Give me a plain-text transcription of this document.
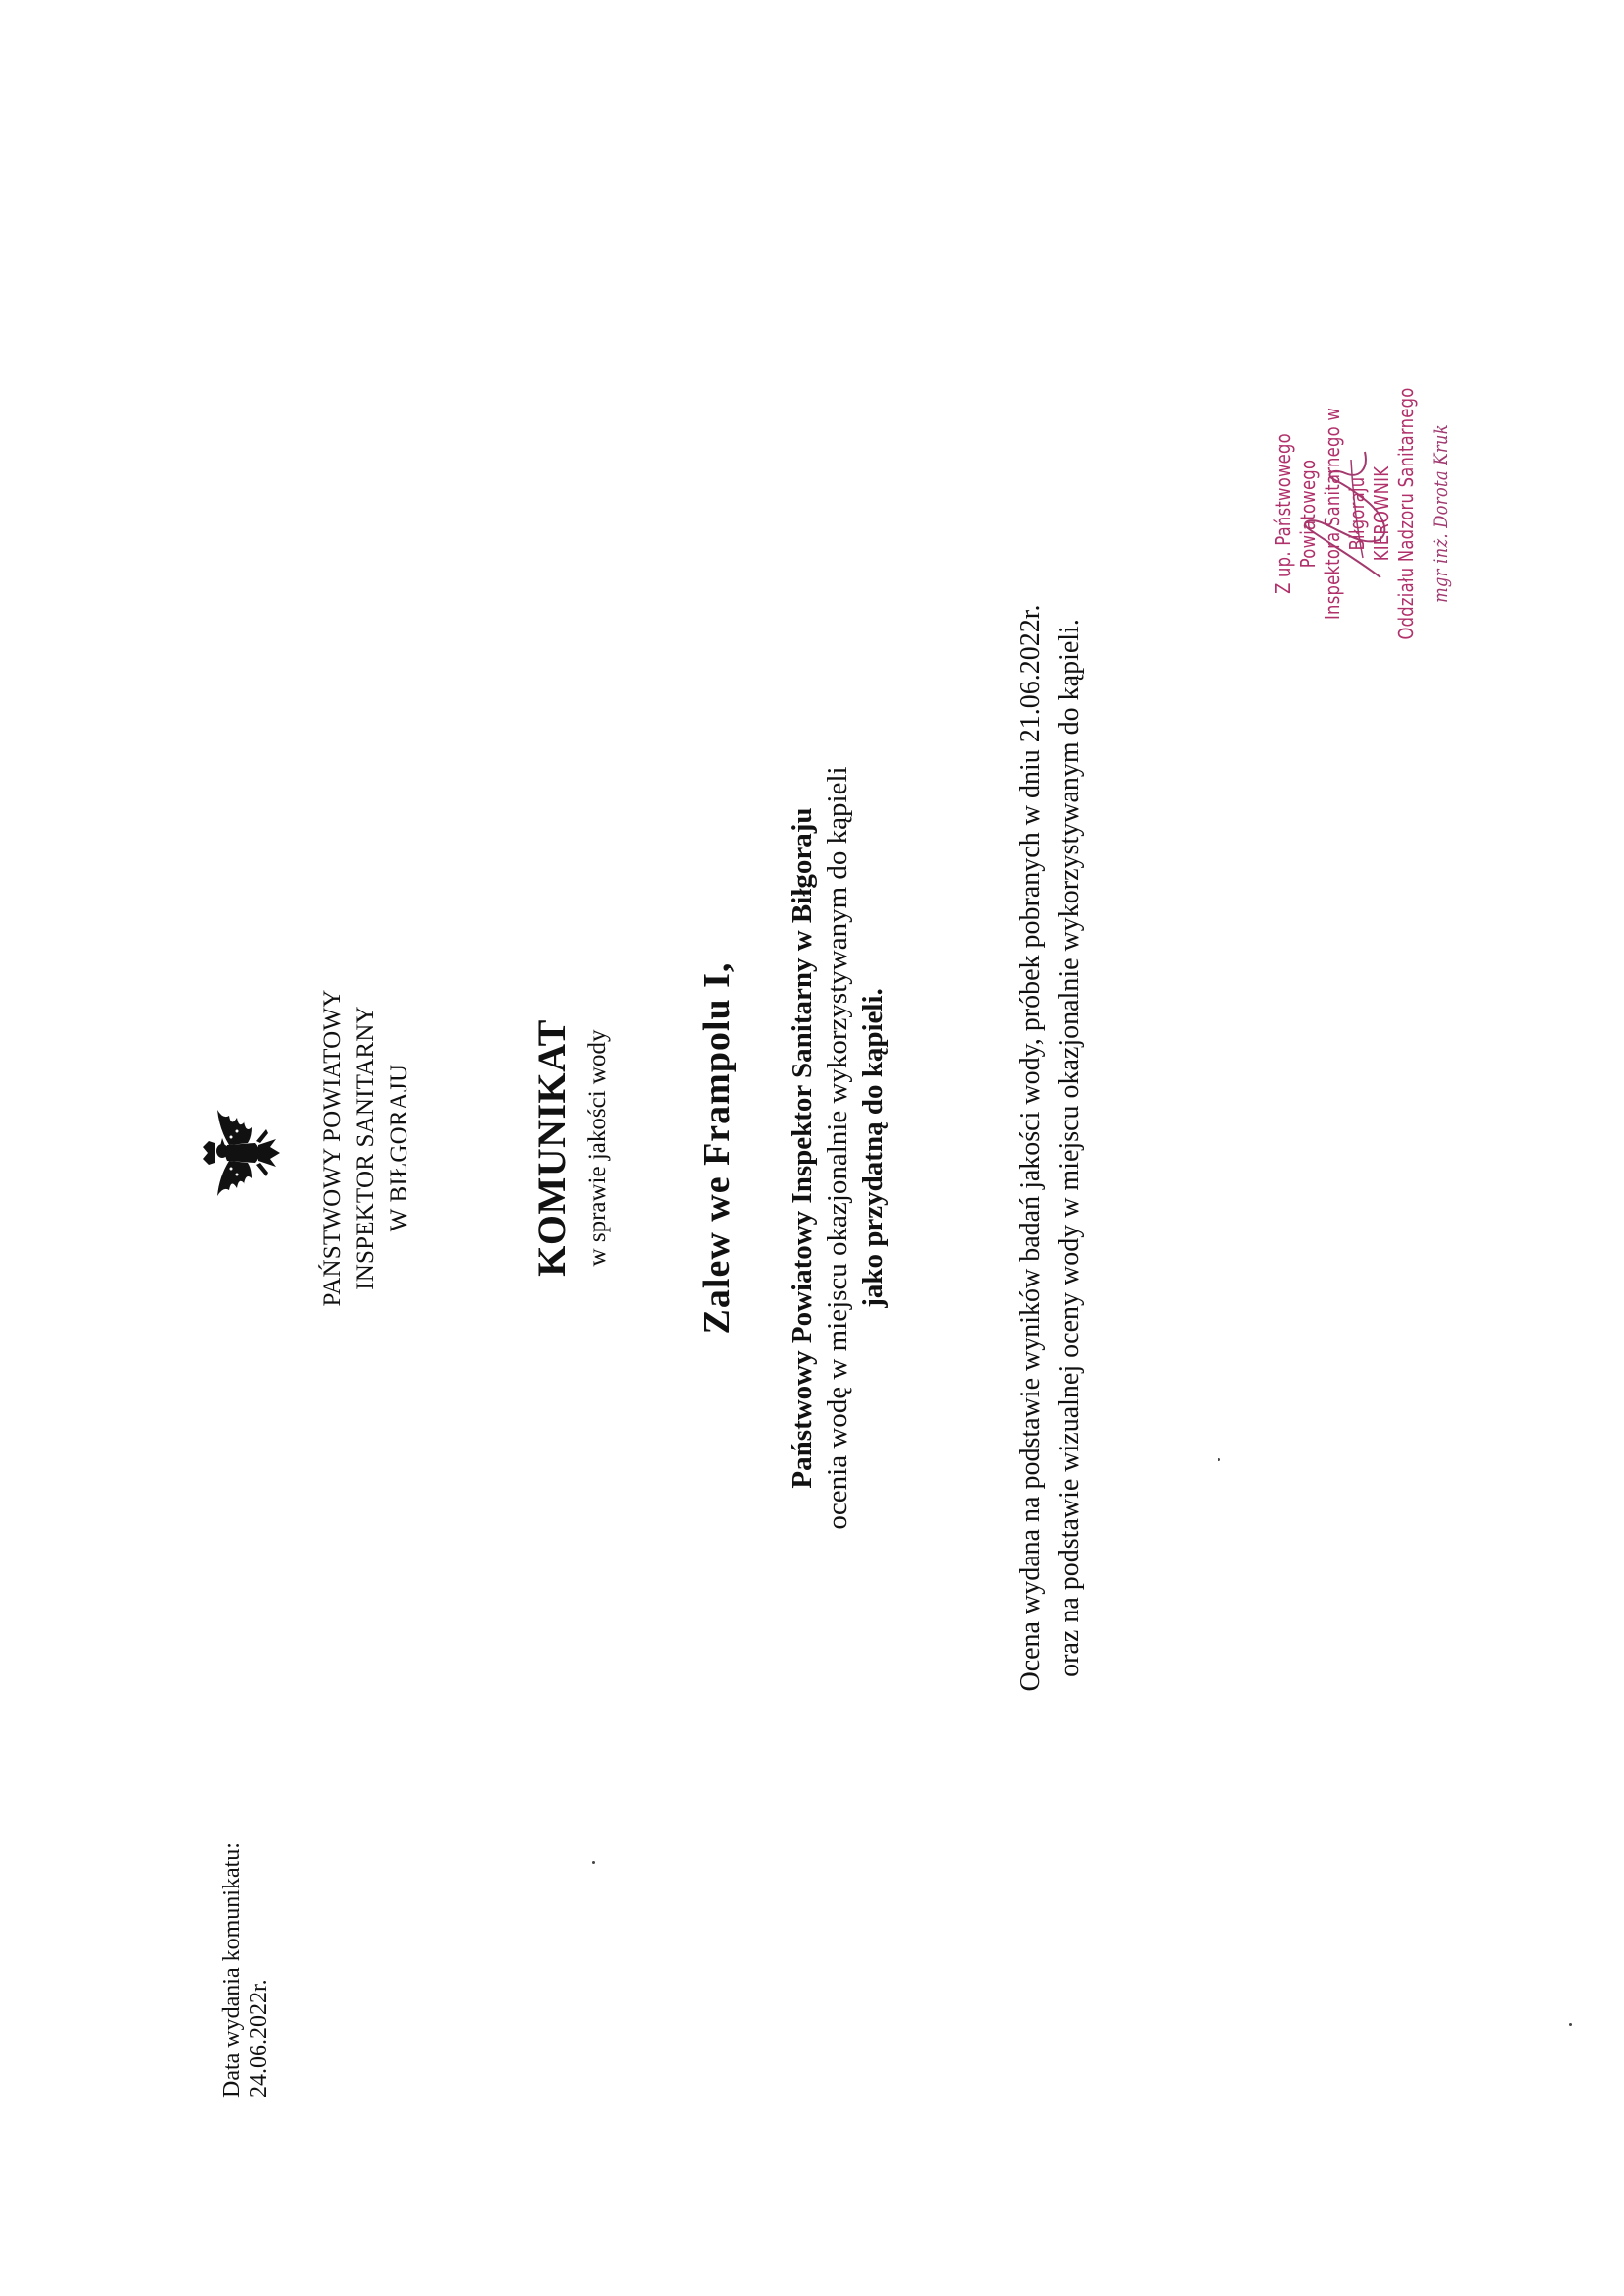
PAŃSTWOWY POWIATOWY INSPEKTOR SANITARNY W BIŁGORAJU	KOMUNIKAT w sprawie jakości wody Zalew we Frampolu I, Państwowy Powiatowy Inspektor Sanitarny w Biłgoraju ocenia wodę w miejscu okazjonalnie wykorzystywanym do kąpieli jako przydatną do kąpieli.	Ocena wydana na podstawie wyników badań jakości wody, próbek pobranych w dniu 21.06.2022r. oraz na podstawie wizualnej oceny wody w miejscu okazjonalnie wykorzystywanym do kąpieli.
Data wydania komunikatu: 24.06.2022r.
Z up. Państwowego Powiatowego Inspektora Sanitarnego w Biłgoraju KIEROWNIK Oddziału Nadzoru Sanitarnego mgr inż. Dorota Kruk
